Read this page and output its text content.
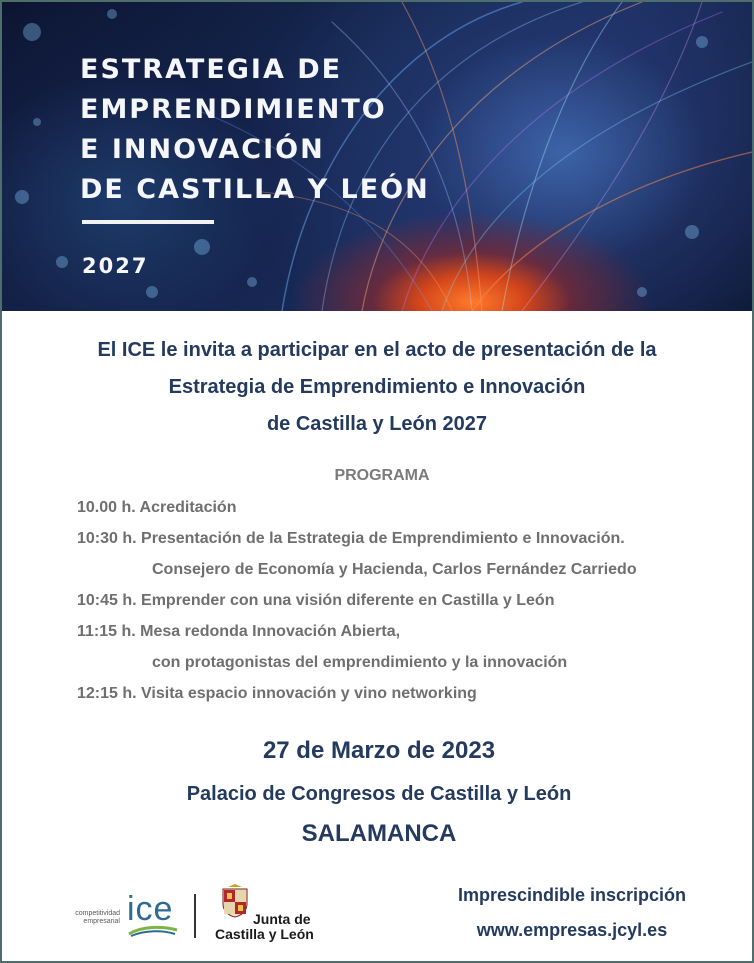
ESTRATEGIA DE
EMPRENDIMIENTO
E INNOVACIÓN
DE CASTILLA Y LEÓN
2027
El ICE le invita a participar en el acto de presentación de la
Estrategia de Emprendimiento e Innovación
de Castilla y León 2027
PROGRAMA
10.00 h. Acreditación
10:30 h. Presentación de la Estrategia de Emprendimiento e Innovación.
Consejero de Economía y Hacienda, Carlos Fernández Carriedo
10:45 h. Emprender con una visión diferente en Castilla y León
11:15 h. Mesa redonda Innovación Abierta,
con protagonistas del emprendimiento y la innovación
12:15 h. Visita espacio innovación y vino networking
27 de Marzo de 2023
Palacio de Congresos de Castilla y León
SALAMANCA
competitividad
empresarial ice	Junta de
Castilla y León
Imprescindible inscripción
www.empresas.jcyl.es
